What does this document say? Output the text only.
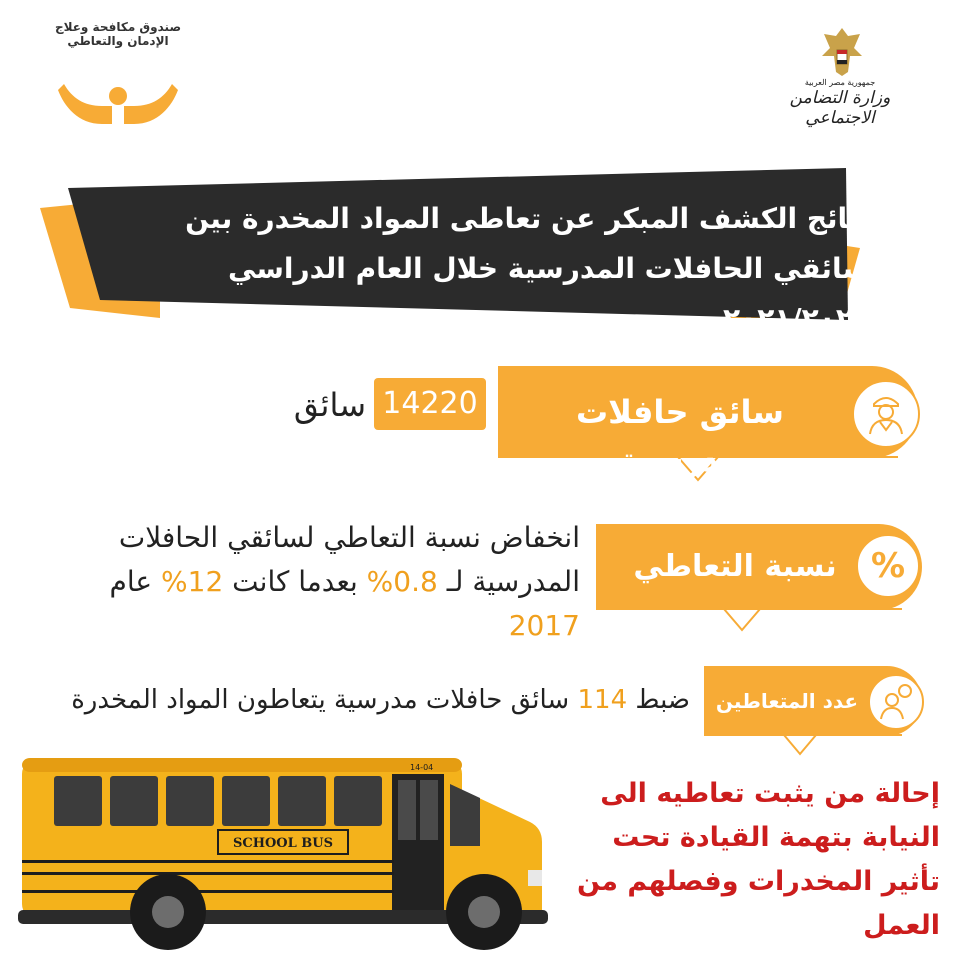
صندوق مكافحة وعلاج الإدمان والتعاطي
جمهورية مصر العربية
وزارة التضامن الاجتماعي
نتائج الكشف المبكر عن تعاطى المواد المخدرة بين
سائقي الحافلات المدرسية خلال العام الدراسي ٢٠٢١/٢٠٢٢
سائق حافلات مدرسية
14220
سائق
نسبة التعاطي	%
انخفاض نسبة التعاطي لسائقي الحافلات المدرسية لـ 0.8% بعدما كانت 12% عام
2017
عدد المتعاطين
ضبط 114 سائق حافلات مدرسية يتعاطون المواد المخدرة
SCHOOL BUS
14-04
إحالة من يثبت تعاطيه الى النيابة بتهمة القيادة تحت تأثير المخدرات وفصلهم من العمل
